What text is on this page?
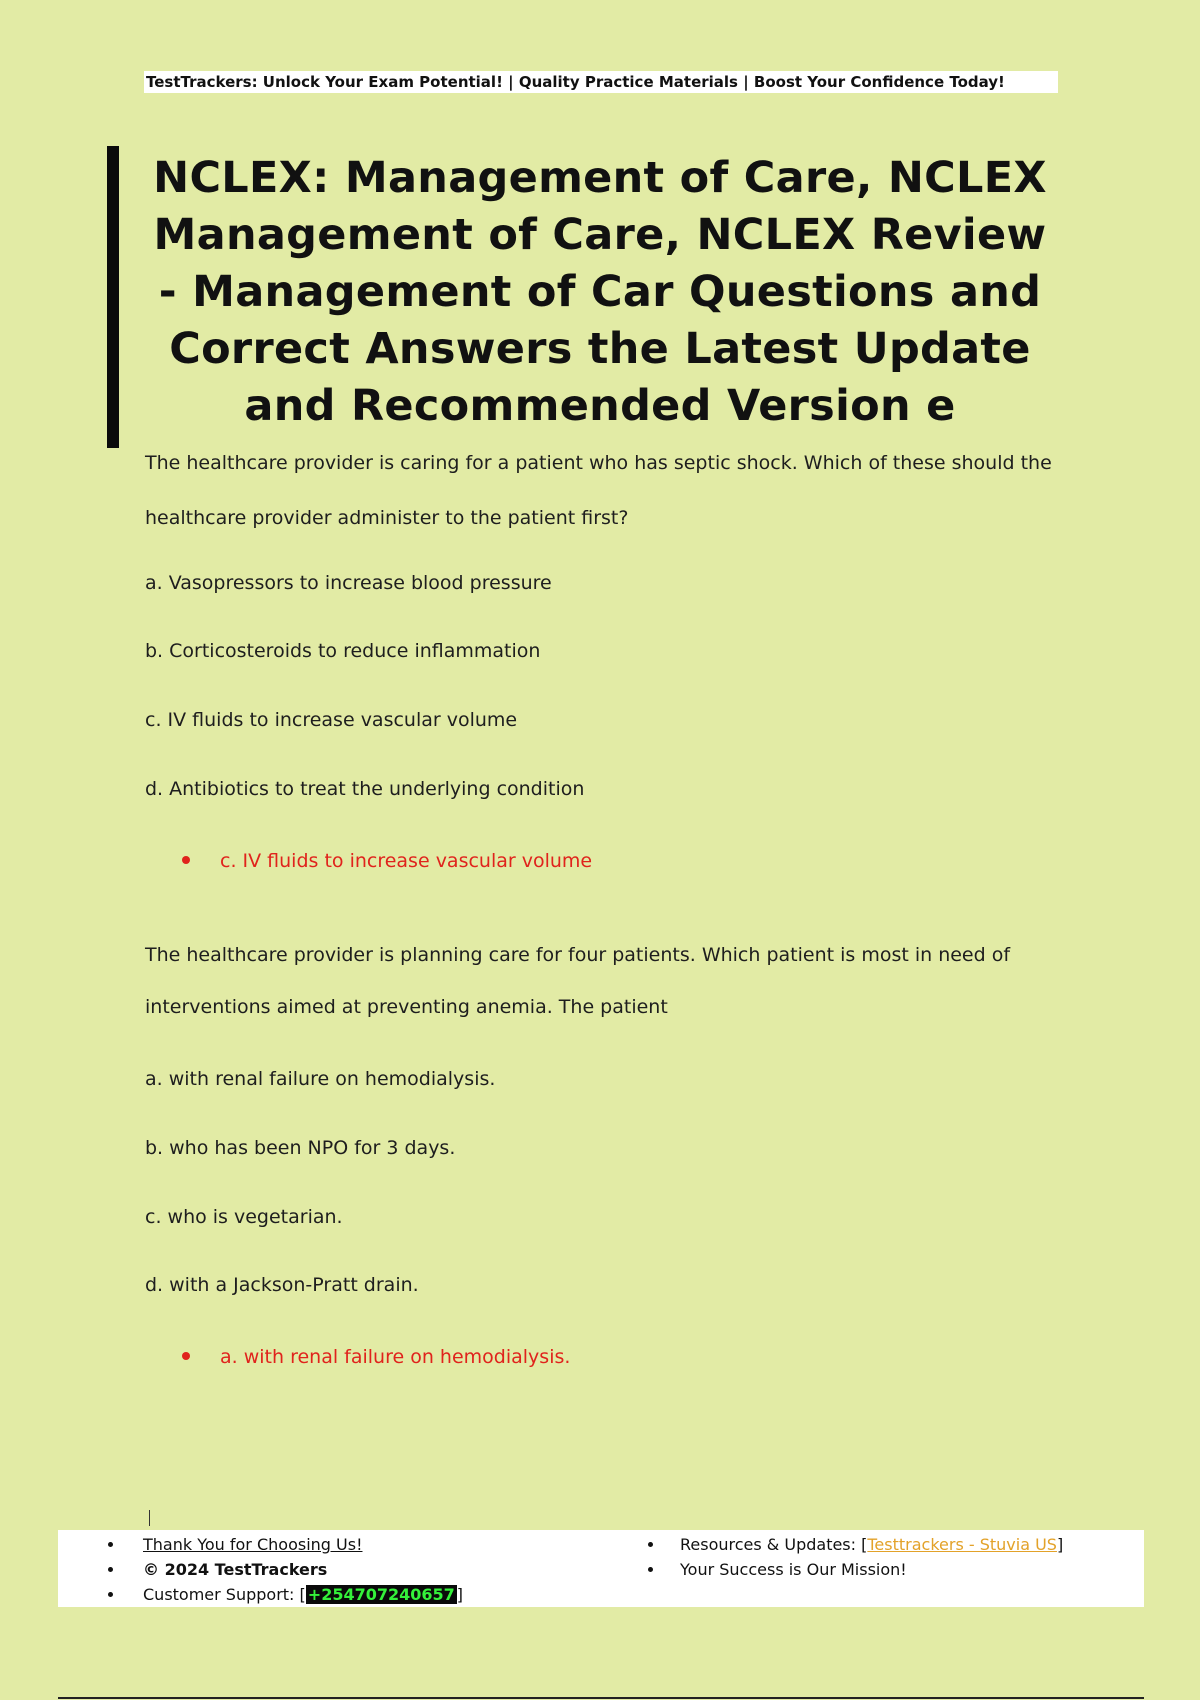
TestTrackers: Unlock Your Exam Potential! | Quality Practice Materials | Boost Your Confidence Today!
NCLEX: Management of Care, NCLEX Management of Care, NCLEX Review - Management of Car Questions and Correct Answers the Latest Update and Recommended Version e
The healthcare provider is caring for a patient who has septic shock. Which of these should the healthcare provider administer to the patient first?
a. Vasopressors to increase blood pressure
b. Corticosteroids to reduce inflammation
c. IV fluids to increase vascular volume
d. Antibiotics to treat the underlying condition
c. IV fluids to increase vascular volume
The healthcare provider is planning care for four patients. Which patient is most in need of interventions aimed at preventing anemia. The patient
a. with renal failure on hemodialysis.
b. who has been NPO for 3 days.
c. who is vegetarian.
d. with a Jackson-Pratt drain.
a. with renal failure on hemodialysis.
Thank You for Choosing Us!
© 2024 TestTrackers
Customer Support: [ +254707240657 ]
Resources & Updates: [Testtrackers - Stuvia US]
Your Success is Our Mission!
